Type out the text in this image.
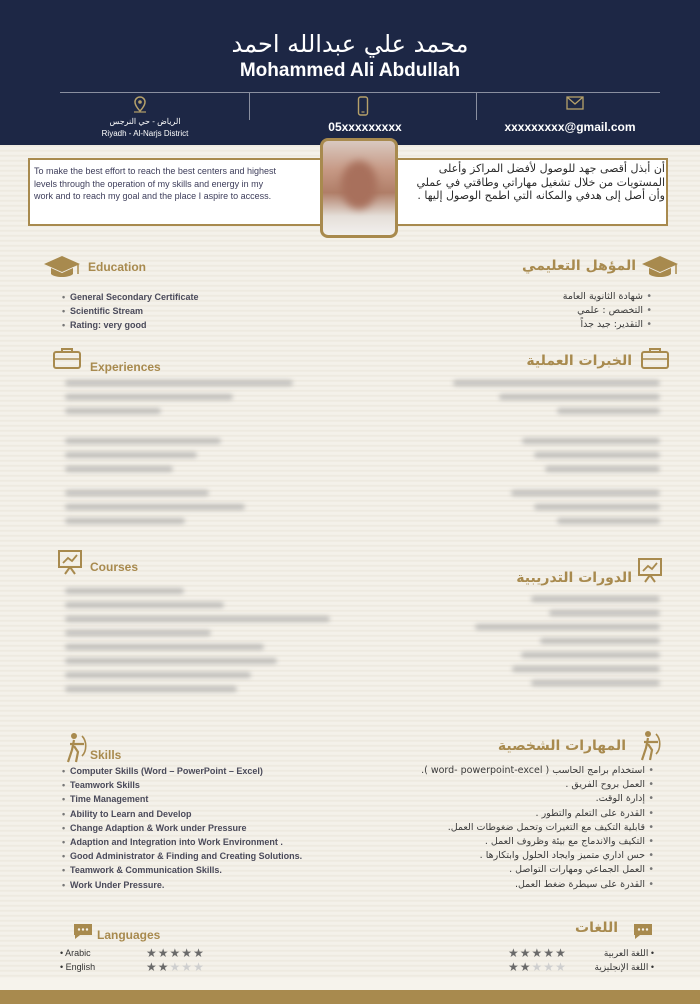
محمد علي عبدالله احمد
Mohammed Ali Abdullah
الرياض - حي النرجس
Riyadh - Al-Narjs District	05xxxxxxxxx	xxxxxxxxx@gmail.com
To make the best effort to reach the best centers and highest levels through the operation of my skills and energy in my work and to reach my goal and the place I aspire to access.
أن أبذل أقصى جهد للوصول لأفضل المراكز وأعلى المستويات من خلال تشغيل مهاراتي وطاقتي في عملي وأن أصل إلى هدفي والمكانه التي اطمح الوصول إليها .
Education	المؤهل التعليمي
• General Secondary Certificate
• Scientific Stream
• Rating: very good
• شهادة الثانوية العامة
• التخصص : علمي
• التقدير: جيد جداً
Experiences	الخبرات العملية
Courses
الدورات التدريبية
Skills
المهارات الشخصية
• Computer Skills (Word – PowerPoint – Excel)
• Teamwork Skills
• Time Management
• Ability to Learn and Develop
• Change Adaption & Work under Pressure
• Adaption and Integration into Work Environment .
• Good Administrator & Finding and Creating Solutions.
• Teamwork & Communication Skills.
• Work Under Pressure.
• استخدام برامج الحاسب ( word- powerpoint-excel ).
• العمل بروح الفريق .
• إدارة الوقت.
• القدرة على التعلم والتطور .
• قابلية التكيف مع التغيرات وتحمل ضغوطات العمل.
• التكيف والاندماج مع بيئة وظروف العمل .
• حس اداري متميز وايجاد الحلول وابتكارها .
• العمل الجماعي ومهارات التواصل .
• القدرة على سيطرة ضغط العمل.
Languages	اللغات
• Arabic	★★★★★
• English	★★★★★
• اللغة العربية
★★★★★
• اللغة الإنجليزية
★★★★★
